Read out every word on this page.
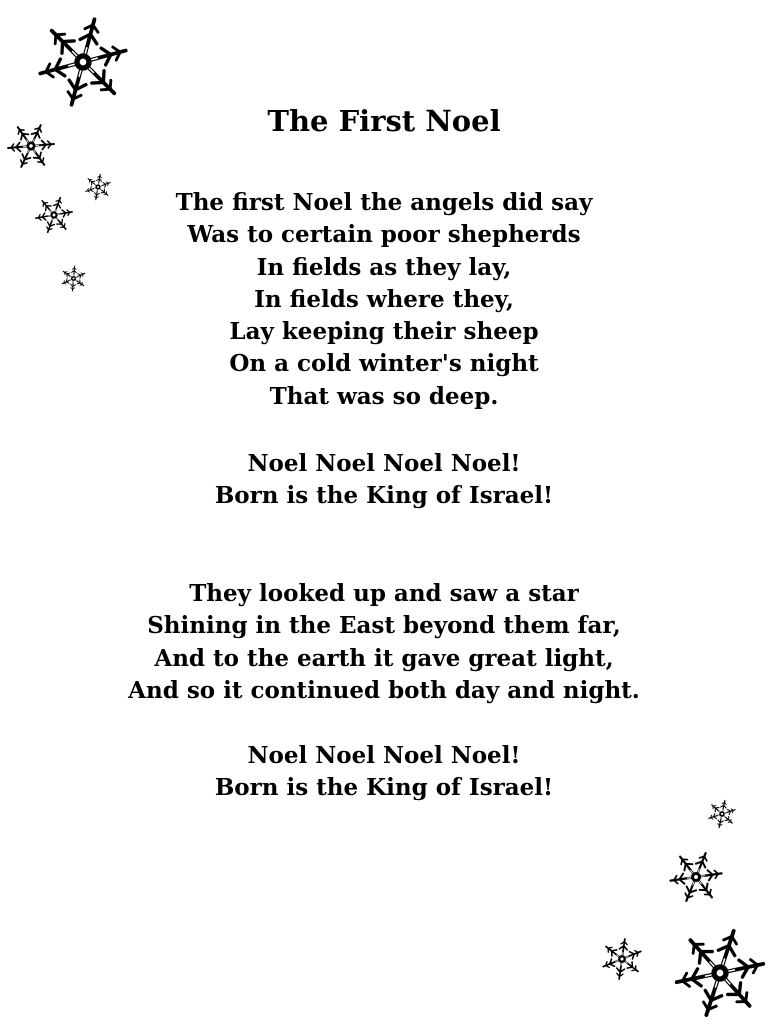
The First Noel
The first Noel the angels did say
Was to certain poor shepherds
In fields as they lay,
In fields where they,
Lay keeping their sheep
On a cold winter's night
That was so deep.
Noel Noel Noel Noel!
Born is the King of Israel!
They looked up and saw a star
Shining in the East beyond them far,
And to the earth it gave great light,
And so it continued both day and night.
Noel Noel Noel Noel!
Born is the King of Israel!
